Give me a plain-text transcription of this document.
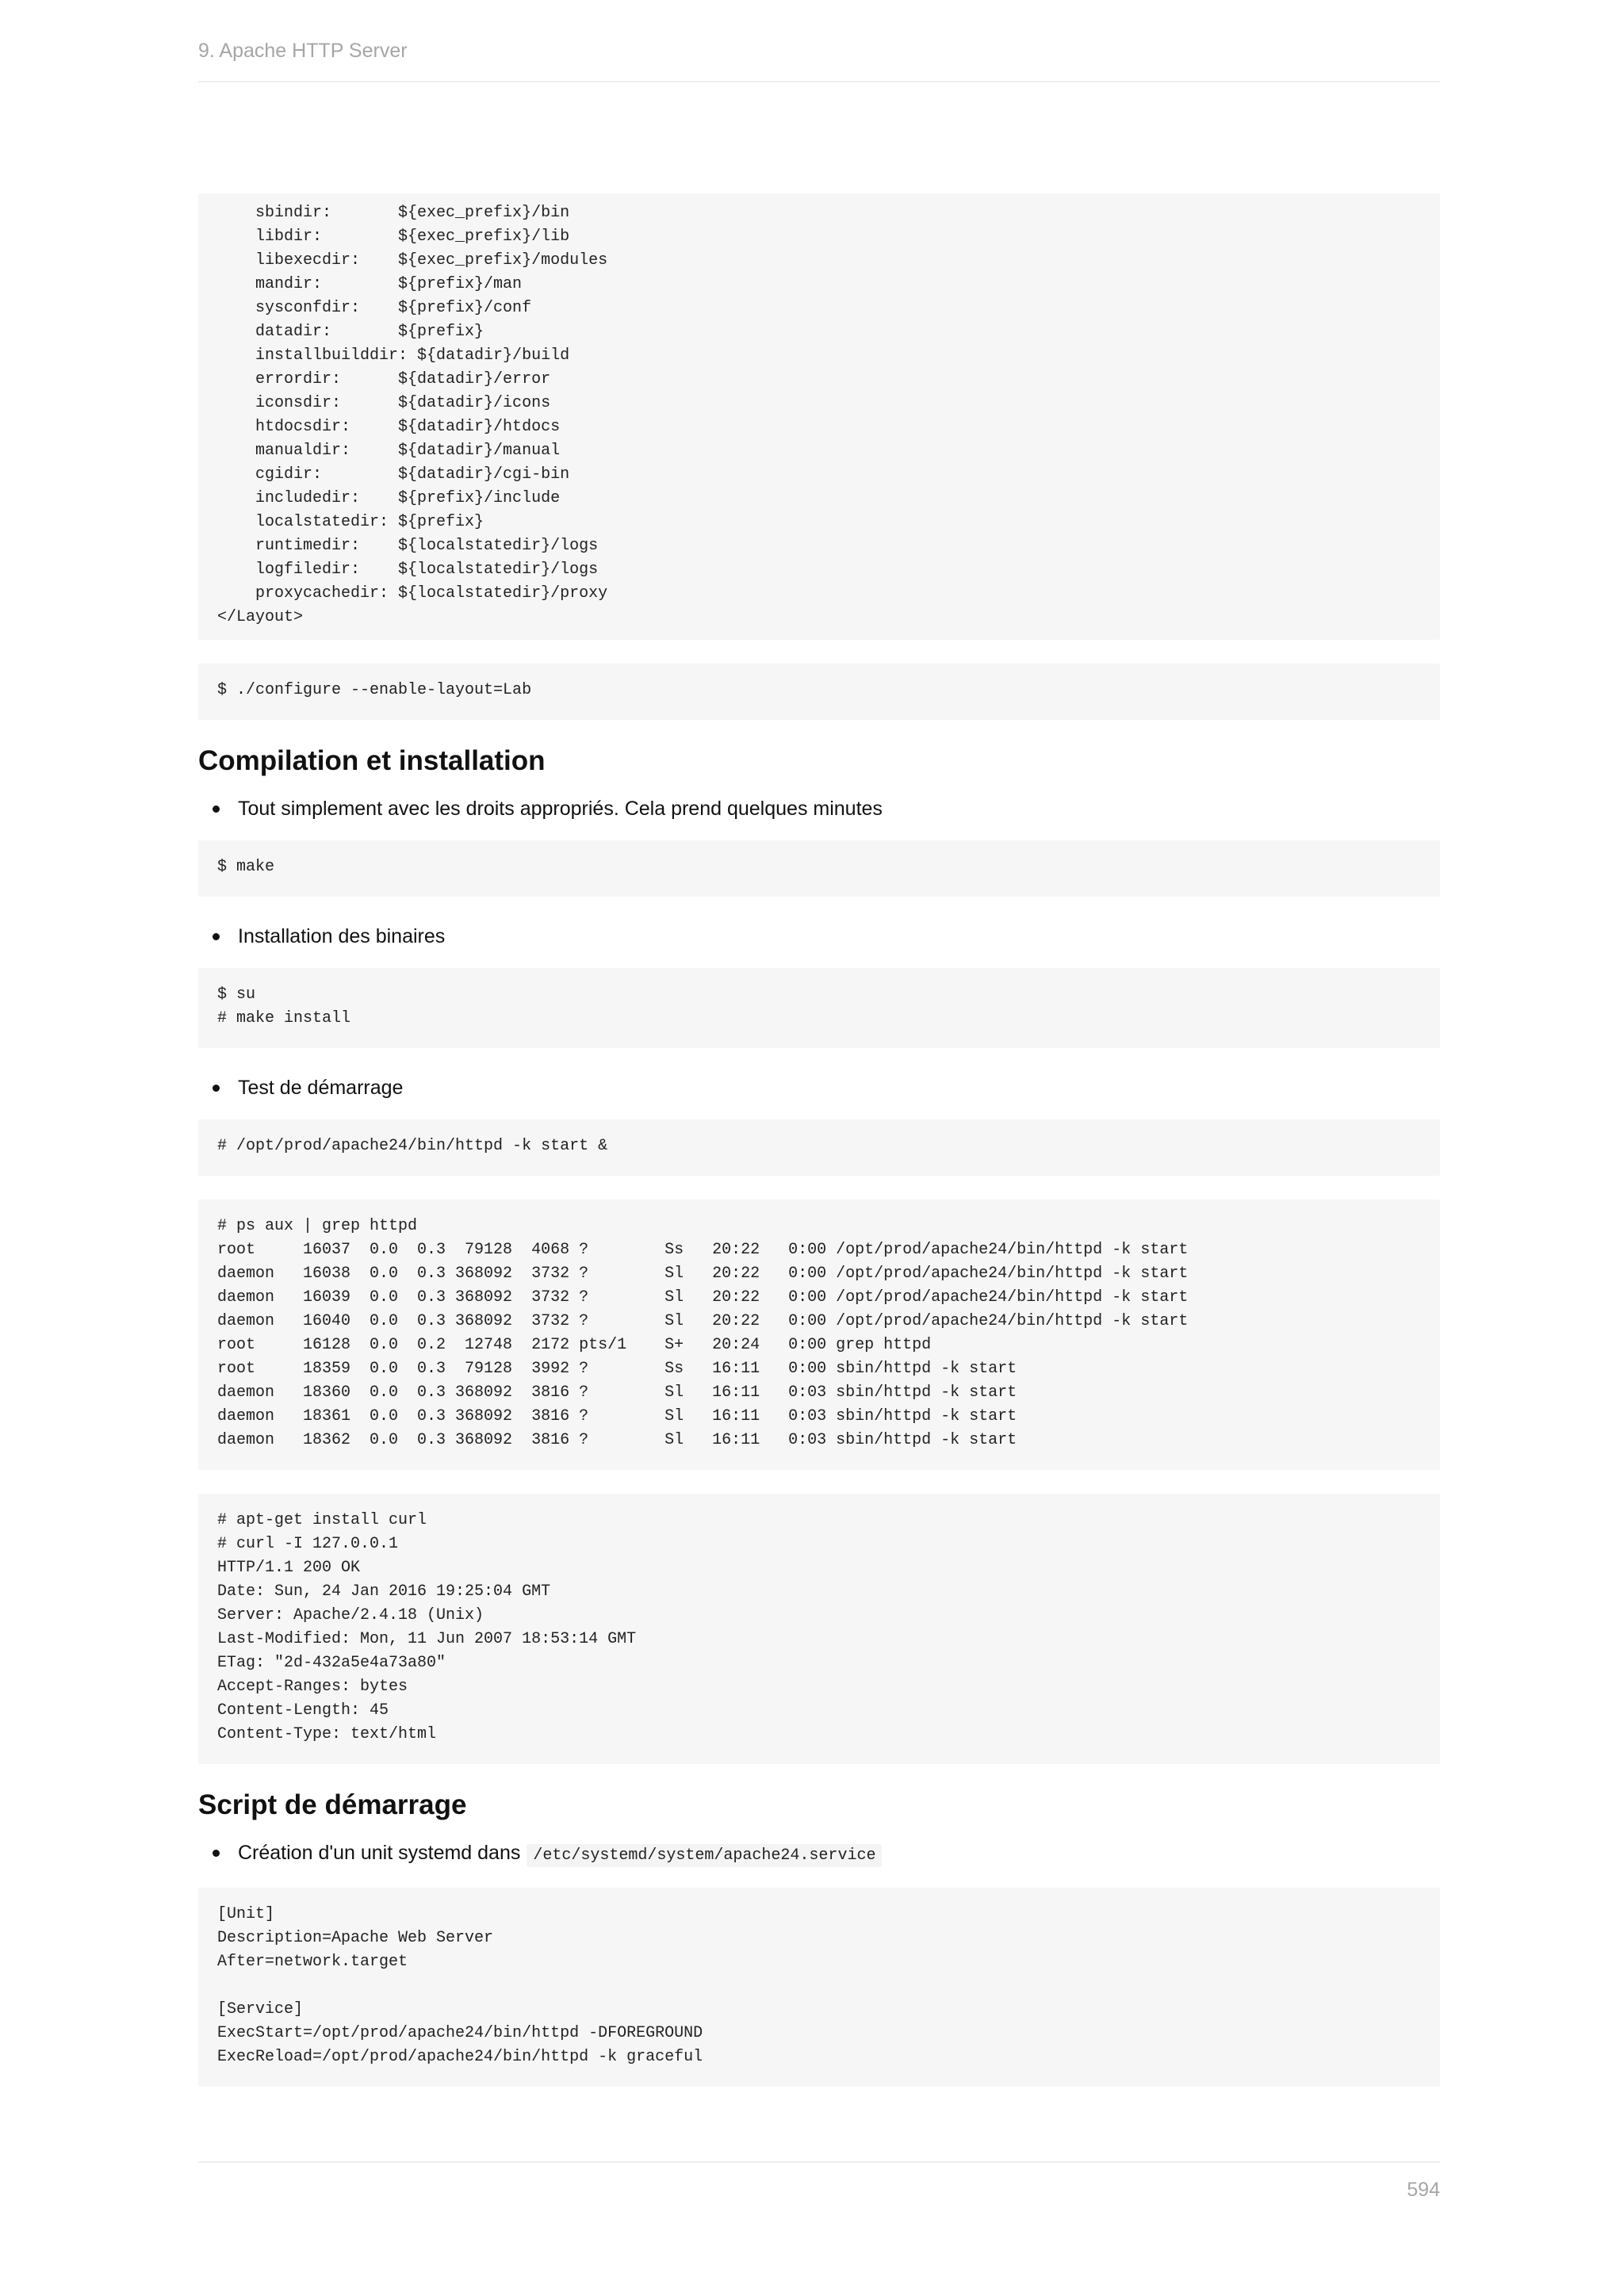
9. Apache HTTP Server
sbindir:       ${exec_prefix}/bin
libdir:        ${exec_prefix}/lib
libexecdir:    ${exec_prefix}/modules
mandir:        ${prefix}/man
sysconfdir:    ${prefix}/conf
datadir:       ${prefix}
installbuilddir: ${datadir}/build
errordir:      ${datadir}/error
iconsdir:      ${datadir}/icons
htdocsdir:     ${datadir}/htdocs
manualdir:     ${datadir}/manual
cgidir:        ${datadir}/cgi-bin
includedir:    ${prefix}/include
localstatedir: ${prefix}
runtimedir:    ${localstatedir}/logs
logfiledir:    ${localstatedir}/logs
proxycachedir: ${localstatedir}/proxy
</Layout>
$ ./configure --enable-layout=Lab
Compilation et installation
Tout simplement avec les droits appropriés. Cela prend quelques minutes
$ make
Installation des binaires
$ su
# make install
Test de démarrage
# /opt/prod/apache24/bin/httpd -k start &
# ps aux | grep httpd
root     16037  0.0  0.3  79128  4068 ?        Ss   20:22   0:00 /opt/prod/apache24/bin/httpd -k start
daemon   16038  0.0  0.3 368092  3732 ?        Sl   20:22   0:00 /opt/prod/apache24/bin/httpd -k start
daemon   16039  0.0  0.3 368092  3732 ?        Sl   20:22   0:00 /opt/prod/apache24/bin/httpd -k start
daemon   16040  0.0  0.3 368092  3732 ?        Sl   20:22   0:00 /opt/prod/apache24/bin/httpd -k start
root     16128  0.0  0.2  12748  2172 pts/1    S+   20:24   0:00 grep httpd
root     18359  0.0  0.3  79128  3992 ?        Ss   16:11   0:00 sbin/httpd -k start
daemon   18360  0.0  0.3 368092  3816 ?        Sl   16:11   0:03 sbin/httpd -k start
daemon   18361  0.0  0.3 368092  3816 ?        Sl   16:11   0:03 sbin/httpd -k start
daemon   18362  0.0  0.3 368092  3816 ?        Sl   16:11   0:03 sbin/httpd -k start
# apt-get install curl
# curl -I 127.0.0.1
HTTP/1.1 200 OK
Date: Sun, 24 Jan 2016 19:25:04 GMT
Server: Apache/2.4.18 (Unix)
Last-Modified: Mon, 11 Jun 2007 18:53:14 GMT
ETag: "2d-432a5e4a73a80"
Accept-Ranges: bytes
Content-Length: 45
Content-Type: text/html
Script de démarrage
Création d'un unit systemd dans /etc/systemd/system/apache24.service
[Unit]
Description=Apache Web Server
After=network.target

[Service]
ExecStart=/opt/prod/apache24/bin/httpd -DFOREGROUND
ExecReload=/opt/prod/apache24/bin/httpd -k graceful
594
